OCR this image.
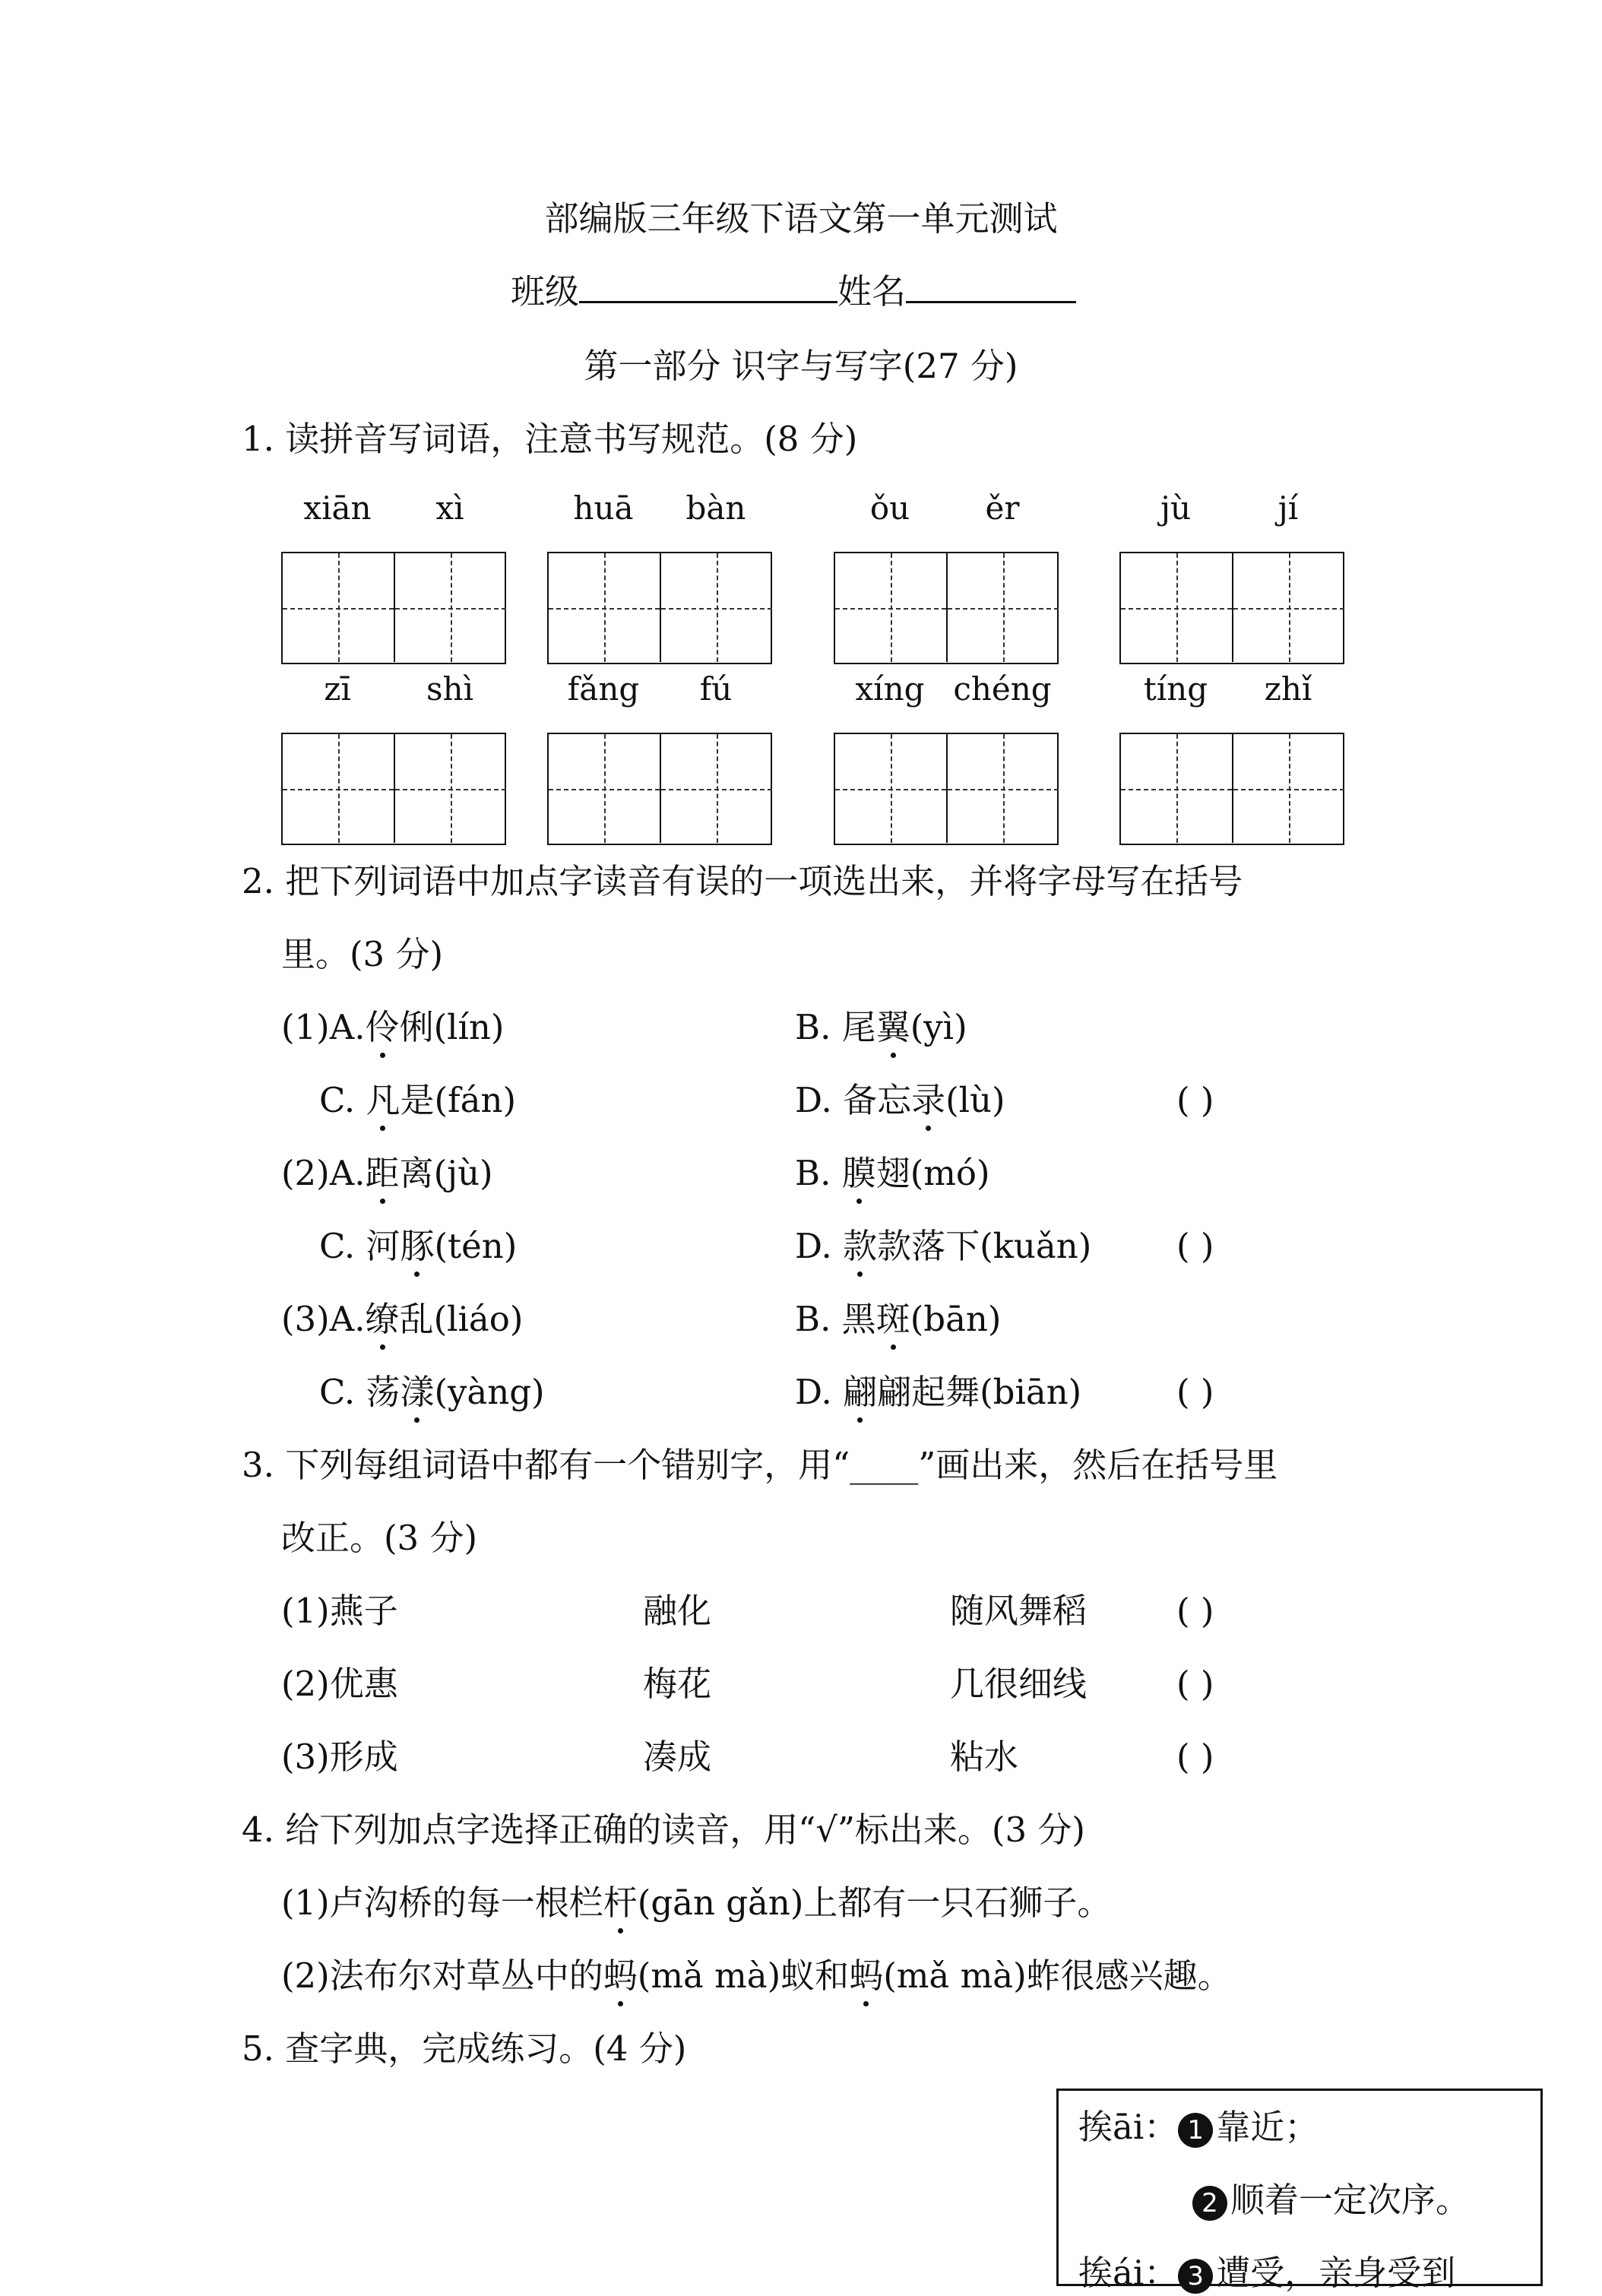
部编版三年级下语文第一单元测试
班级	姓名
第一部分 识字与写字(27 分)
1. 读拼音写词语，注意书写规范。(8 分)
xiān	xì	huā	bàn	ǒu	ěr	jù	jí
zī	shì	fǎng	fú	xíng chéng	tíng	zhǐ
2. 把下列词语中加点字读音有误的一项选出来，并将字母写在括号
里。(3 分)
(1)A.伶俐(lín)	B. 尾翼(yì)
C. 凡是(fán)	D. 备忘录(lù)	( )
(2)A.距离(jù)	B. 膜翅(mó)
C. 河豚(tén)	D. 款款落下(kuǎn) ( )
(3)A.缭乱(liáo)	B. 黑斑(bān)
C. 荡漾(yàng)	D. 翩翩起舞(biān)	( )
3. 下列每组词语中都有一个错别字，用“____”画出来，然后在括号里
改正。(3 分)
(1)燕子	融化	随风舞稻	( )
(2)优惠	梅花	几很细线	( )
(3)形成	凑成	粘水	( )
4. 给下列加点字选择正确的读音，用“√”标出来。(3 分)
(1)卢沟桥的每一根栏杆(gān gǎn)上都有一只石狮子。
(2)法布尔对草丛中的蚂(mǎ mà)蚁和蚂(mǎ mà)蚱很感兴趣。
5. 查字典，完成练习。(4 分)
挨āi： 1 靠近；
2 顺着一定次序。
挨ái： 3 遭受，亲身受到
